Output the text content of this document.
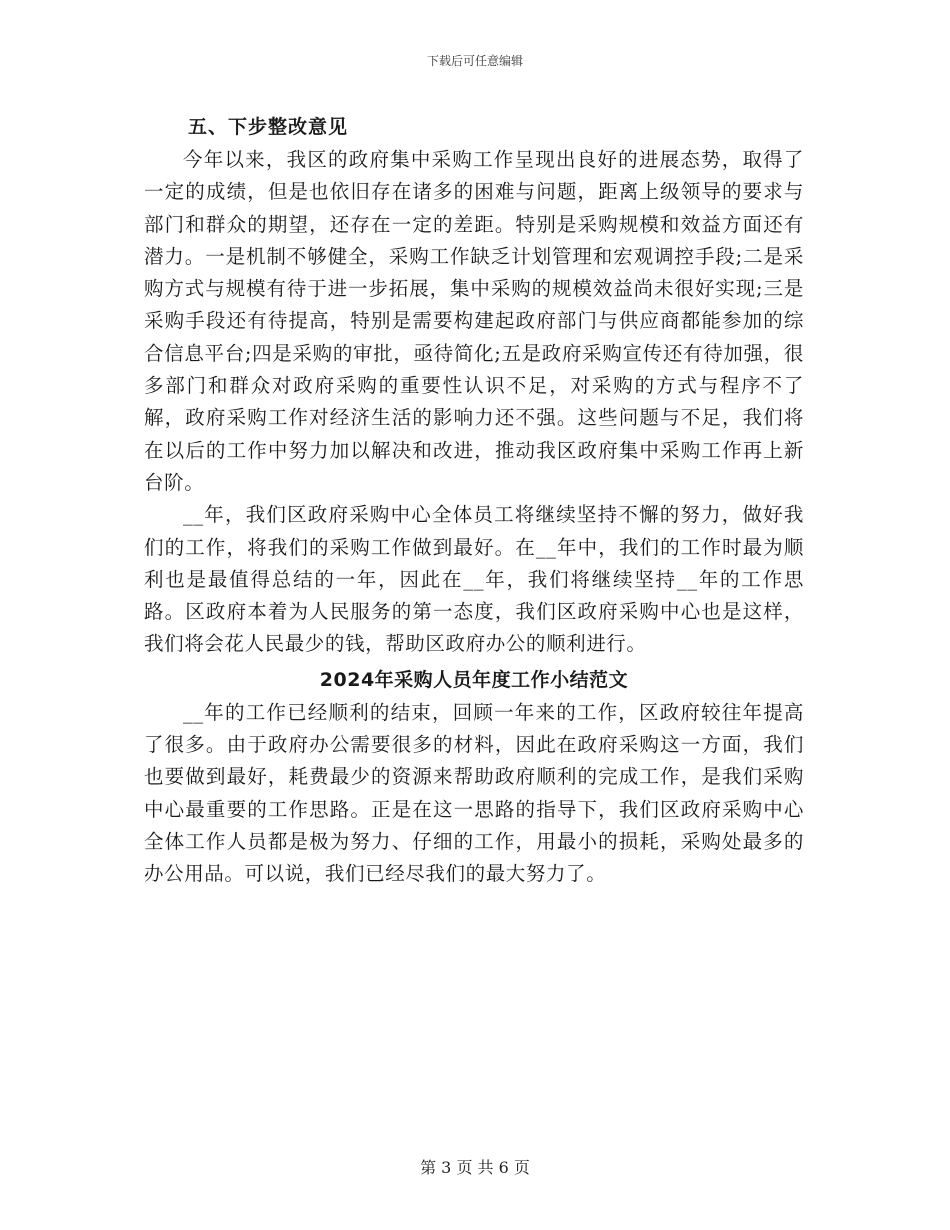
下载后可任意编辑
五、下步整改意见

今年以来，我区的政府集中采购工作呈现出良好的进展态势，取得了一定的成绩，但是也依旧存在诸多的困难与问题，距离上级领导的要求与部门和群众的期望，还存在一定的差距。特别是采购规模和效益方面还有潜力。一是机制不够健全，采购工作缺乏计划管理和宏观调控手段;二是采购方式与规模有待于进一步拓展，集中采购的规模效益尚未很好实现;三是采购手段还有待提高，特别是需要构建起政府部门与供应商都能参加的综合信息平台;四是采购的审批，亟待简化;五是政府采购宣传还有待加强，很多部门和群众对政府采购的重要性认识不足，对采购的方式与程序不了解，政府采购工作对经济生活的影响力还不强。这些问题与不足，我们将在以后的工作中努力加以解决和改进，推动我区政府集中采购工作再上新台阶。

__年，我们区政府采购中心全体员工将继续坚持不懈的努力，做好我们的工作，将我们的采购工作做到最好。在__年中，我们的工作时最为顺利也是最值得总结的一年，因此在__年，我们将继续坚持__年的工作思路。区政府本着为人民服务的第一态度，我们区政府采购中心也是这样，我们将会花人民最少的钱，帮助区政府办公的顺利进行。

2024年采购人员年度工作小结范文

__年的工作已经顺利的结束，回顾一年来的工作，区政府较往年提高了很多。由于政府办公需要很多的材料，因此在政府采购这一方面，我们也要做到最好，耗费最少的资源来帮助政府顺利的完成工作，是我们采购中心最重要的工作思路。正是在这一思路的指导下，我们区政府采购中心全体工作人员都是极为努力、仔细的工作，用最小的损耗，采购处最多的办公用品。可以说，我们已经尽我们的最大努力了。

第 3 页 共 6 页
